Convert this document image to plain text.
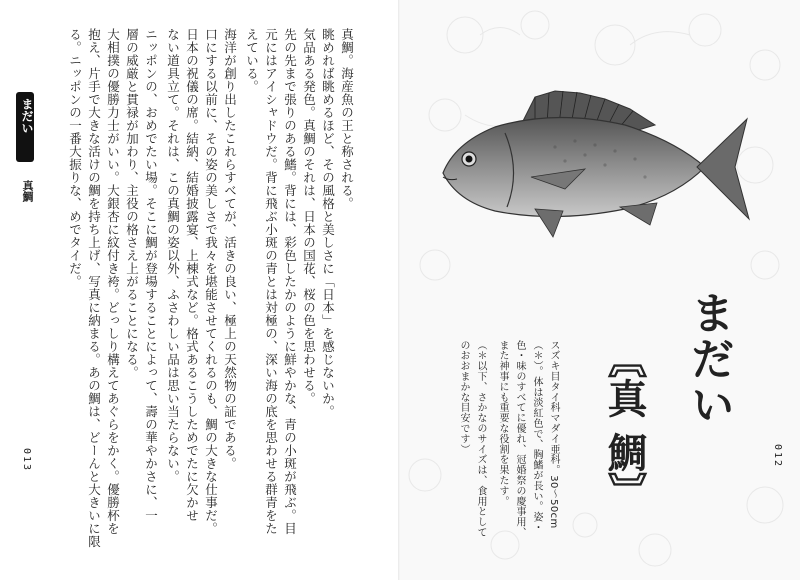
真鯛。海産魚の王と称される。
眺めれば眺めるほど、その風格と美しさに「日本」を感じないか。
気品ある発色。真鯛のそれは、日本の国花、桜の色を思わせる。
先の先まで張りのある鰭。背には、彩色したかのように鮮やかな、青の小斑が飛ぶ。目
元にはアイシャドウだ。背に飛ぶ小斑の青とは対極の、深い海の底を思わせる群青をた
えている。
海洋が創り出したこれらすべてが、活きの良い、極上の天然物の証である。
口にする以前に、その姿の美しさで我々を堪能させてくれるのも、鯛の大きな仕事だ。
日本の祝儀の席。結納、結婚披露宴、上棟式など。格式あるこうしためでたに欠かせ
ない道具立て。それは、この真鯛の姿以外、ふさわしい品は思い当たらない。
ニッポンの、おめでたい場。そこに鯛が登場することによって、壽の華やかさに、一
層の威厳と貫禄が加わり、主役の格さえ上がることになる。
大相撲の優勝力士がいい。大銀杏に紋付き袴。どっしり構えてあぐらをかく。優勝杯を
抱え、片手で大きな活けの鯛を持ち上げ、写真に納まる。あの鯛は、どーんと大きいに限
る。ニッポンの一番大振りな、めでタイだ。
まだい
真鯛
013
まだい
〘真 鯛〙
スズキ目タイ科マダイ亜科。30〜50cm
（＊）。体は淡紅色で、胸鰭が長い。姿・
色・味のすべてに優れ、冠婚祭の慶事用、
また神事にも重要な役割を果たす。
（＊以下、さかなのサイズは、食用として
のおおまかな目安です）
012
